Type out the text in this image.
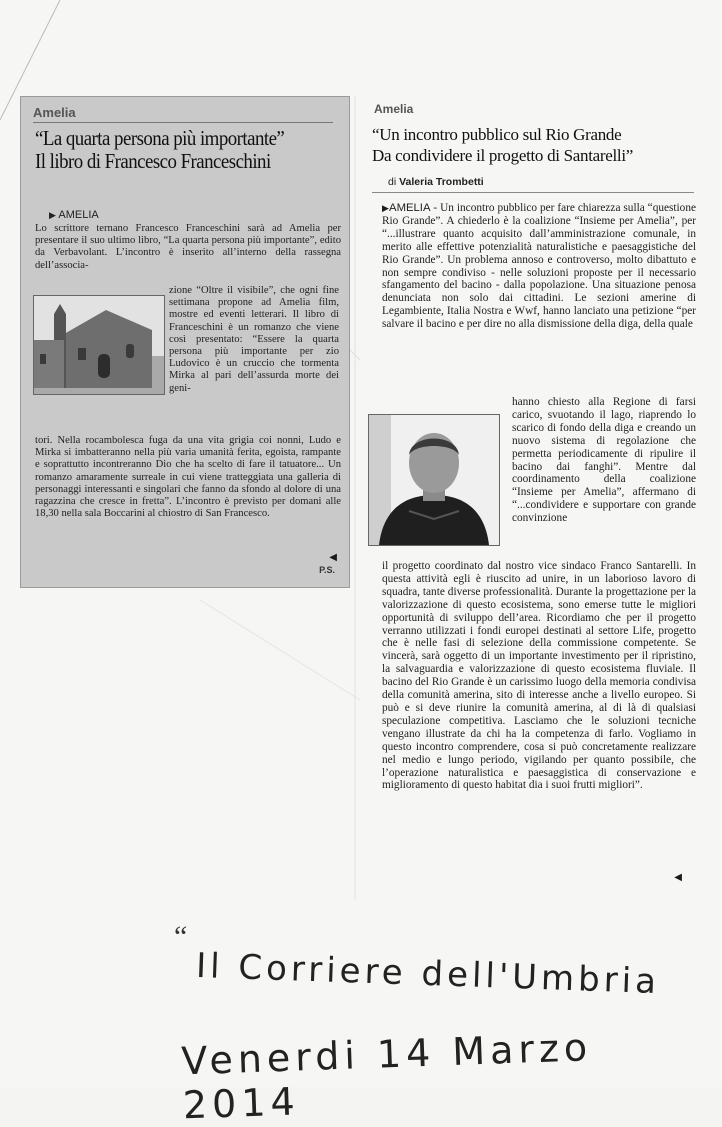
Amelia
“La quarta persona più importante”
Il libro di Francesco Franceschini
▶ AMELIA
Lo scrittore ternano Francesco Franceschini sarà ad Amelia per presentare il suo ultimo libro, “La quarta persona più importante”, edito da Verbavolant. L’incontro è inserito all’interno della rassegna dell’associa-
zione “Oltre il visibile”, che ogni fine settimana propone ad Amelia film, mostre ed eventi letterari. Il libro di Franceschini è un romanzo che viene così presentato: “Essere la quarta persona più importante per zio Ludovico è un cruccio che tormenta Mirka al pari dell’assurda morte dei geni-
tori. Nella rocambolesca fuga da una vita grigia coi nonni, Ludo e Mirka si imbatteranno nella più varia umanità ferita, egoista, rampante e soprattutto incontreranno Dio che ha scelto di fare il tatuatore... Un romanzo amaramente surreale in cui viene tratteggiata una galleria di personaggi interessanti e singolari che fanno da sfondo al dolore di una ragazzina che cresce in fretta”. L’incontro è previsto per domani alle 18,30 nella sala Boccarini al chiostro di San Francesco.
◀
P.S.
Amelia
“Un incontro pubblico sul Rio Grande
Da condividere il progetto di Santarelli”
di Valeria Trombetti
▶ AMELIA - Un incontro pubblico per fare chiarezza sulla “questione Rio Grande”. A chiederlo è la coalizione “Insieme per Amelia”, per “...illustrare quanto acquisito dall’amministrazione comunale, in merito alle effettive potenzialità naturalistiche e paesaggistiche del Rio Grande”. Un problema annoso e controverso, molto dibattuto e non sempre condiviso - nelle soluzioni proposte per il necessario sfangamento del bacino - dalla popolazione. Una situazione penosa denunciata non solo dai cittadini. Le sezioni amerine di Legambiente, Italia Nostra e Wwf, hanno lanciato una petizione “per salvare il bacino e per dire no alla dismissione della diga, della quale
hanno chiesto alla Regione di farsi carico, svuotando il lago, riaprendo lo scarico di fondo della diga e creando un nuovo sistema di regolazione che permetta periodicamente di ripulire il bacino dai fanghi”. Mentre dal coordinamento della coalizione “Insieme per Amelia”, affermano di “...condividere e supportare con grande convinzione
il progetto coordinato dal nostro vice sindaco Franco Santarelli. In questa attività egli è riuscito ad unire, in un laborioso lavoro di squadra, tante diverse professionalità. Durante la progettazione per la valorizzazione di questo ecosistema, sono emerse tutte le migliori opportunità di sviluppo dell’area. Ricordiamo che per il progetto verranno utilizzati i fondi europei destinati al settore Life, progetto che è nelle fasi di selezione della commissione competente. Se vincerà, sarà oggetto di un importante investimento per il ripristino, la salvaguardia e valorizzazione di questo ecosistema fluviale. Il bacino del Rio Grande è un carissimo luogo della memoria condivisa della comunità amerina, sito di interesse anche a livello europeo. Si può e si deve riunire la comunità amerina, al di là di qualsiasi speculazione competitiva. Lasciamo che le soluzioni tecniche vengano illustrate da chi ha la competenza di farlo. Vogliamo in questo incontro comprendere, cosa si può concretamente realizzare nel medio e lungo periodo, vigilando per quanto possibile, che l’operazione naturalistica e paesaggistica di conservazione e miglioramento di questo habitat dia i suoi frutti migliori”.
◀
“
Il Corriere dell'Umbria
Venerdi 14 Marzo 2014
